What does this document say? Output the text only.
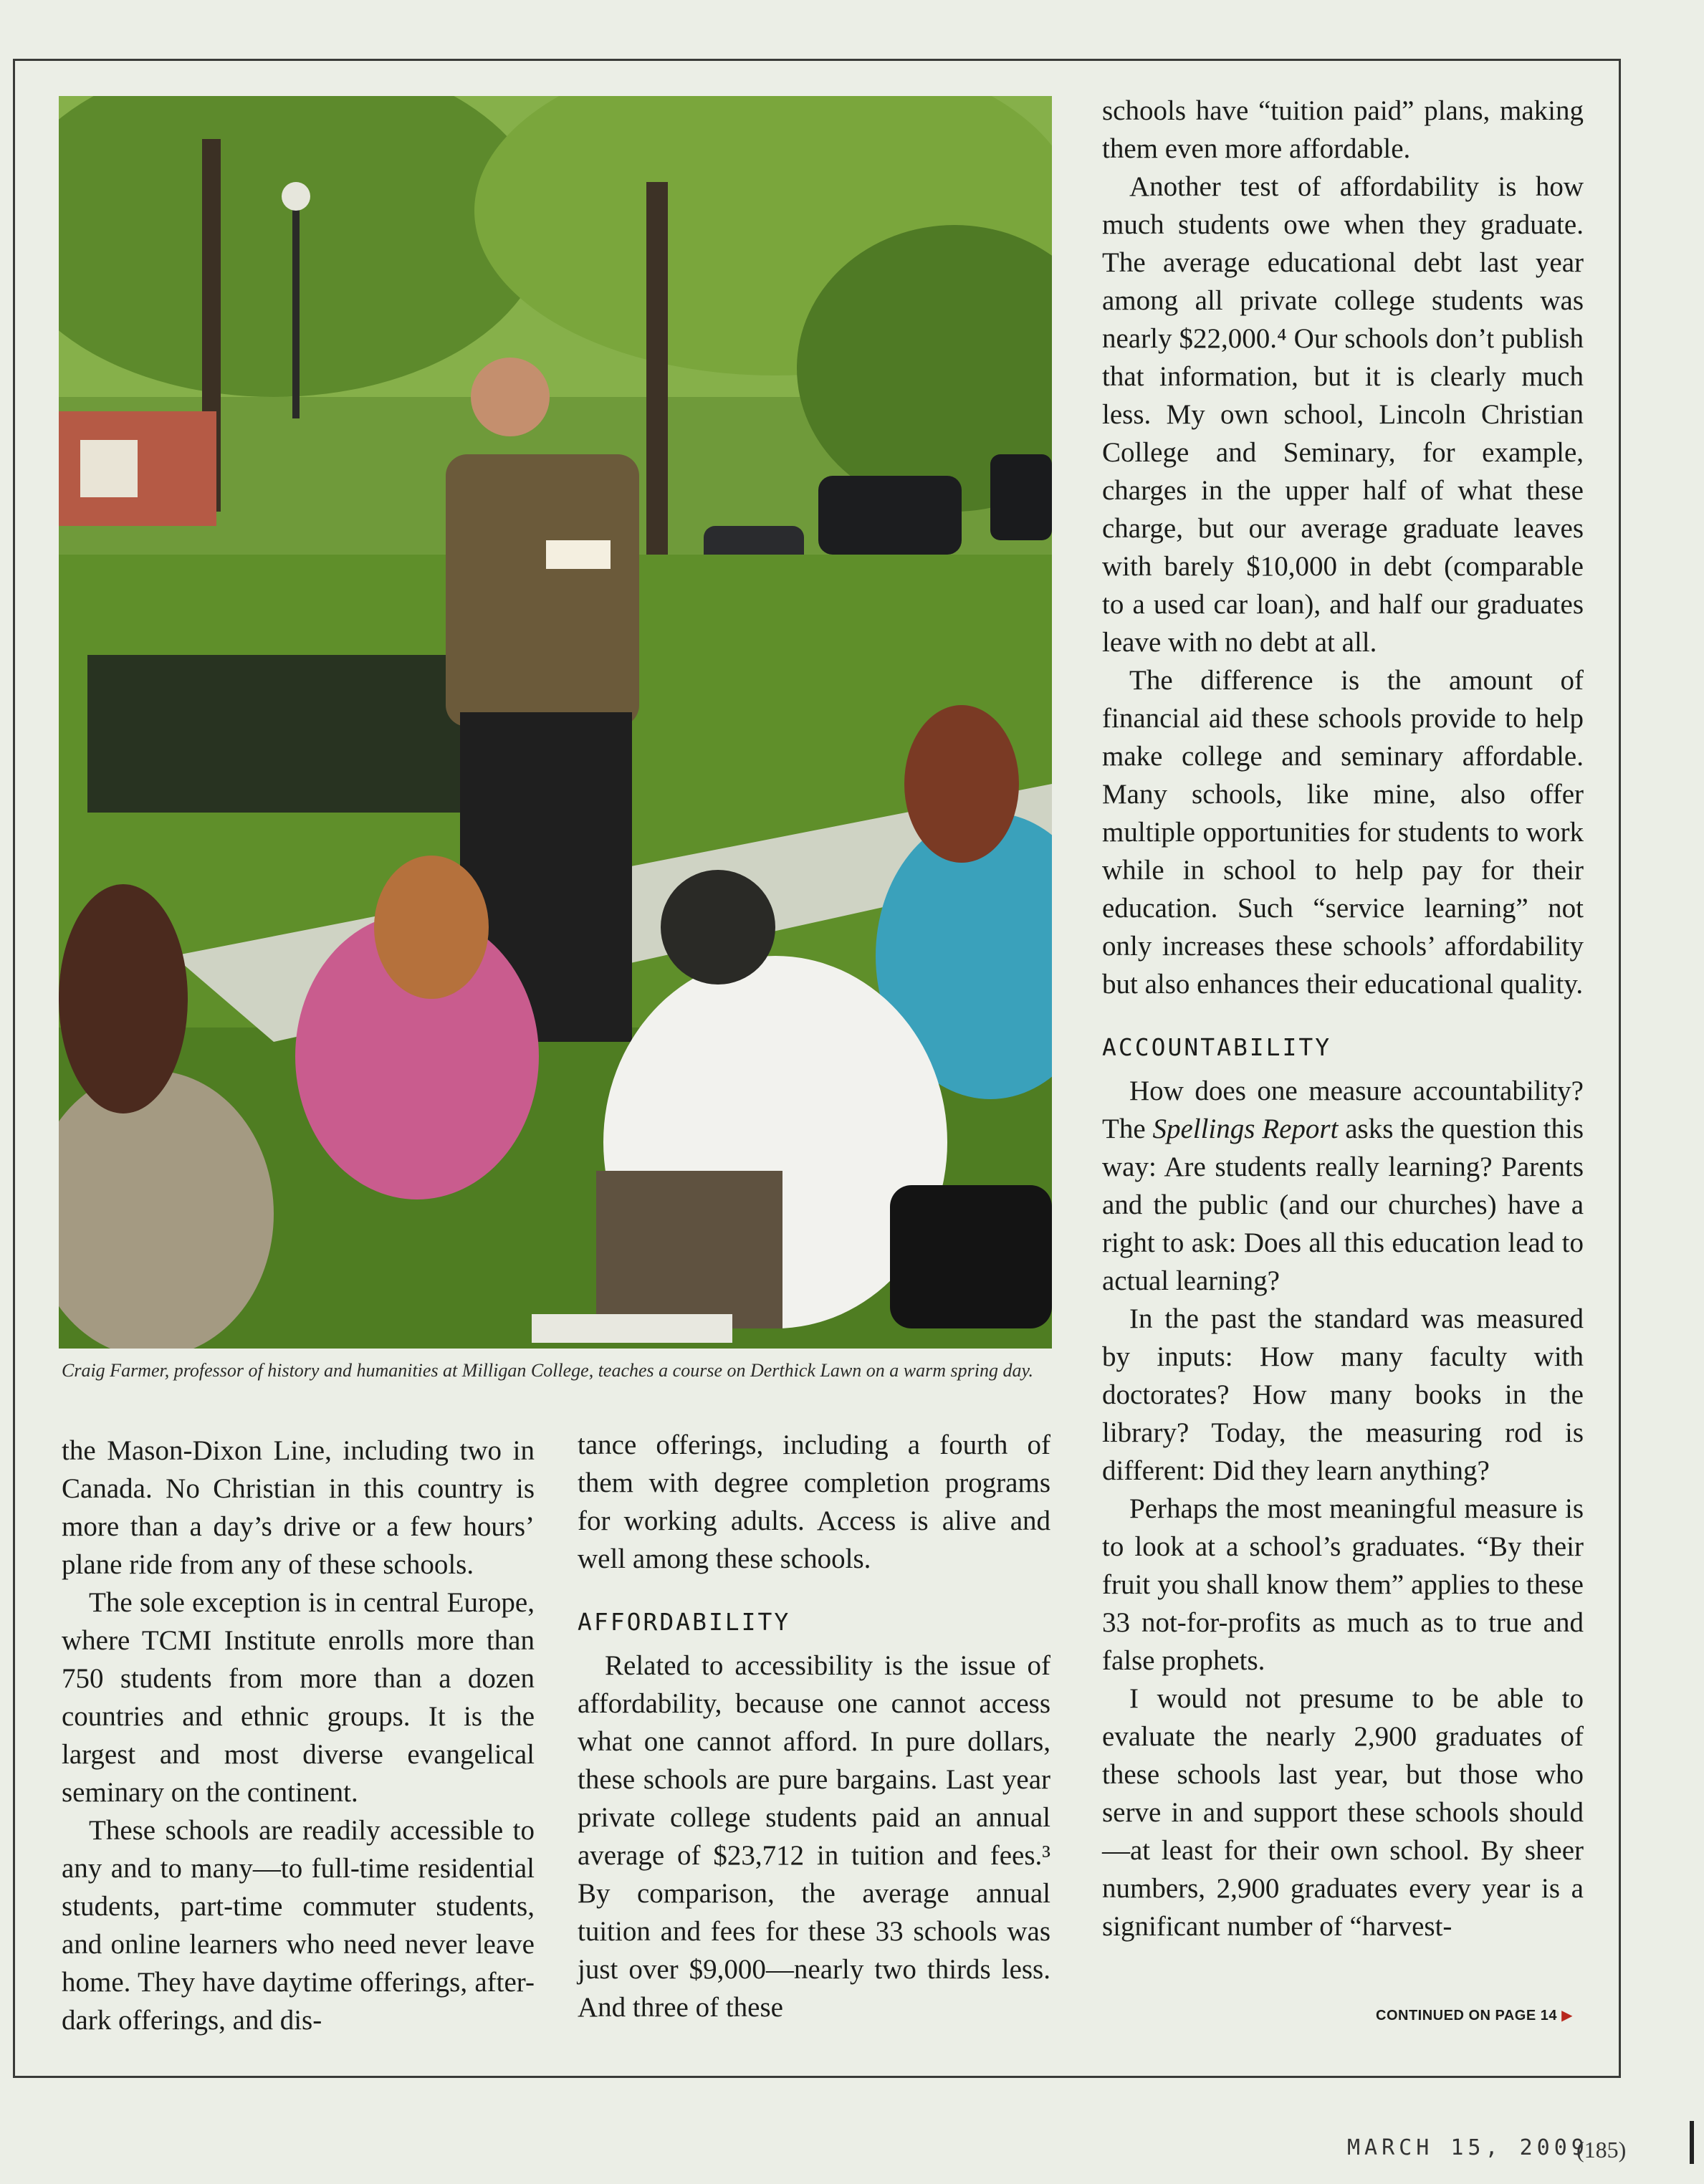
Craig Farmer, professor of history and humanities at Milligan College, teaches a course on Derthick Lawn on a warm spring day.

the Mason-Dixon Line, including two in Canada. No Christian in this country is more than a day’s drive or a few hours’ plane ride from any of these schools.

The sole exception is in central Europe, where TCMI Institute enrolls more than 750 students from more than a dozen countries and ethnic groups. It is the largest and most diverse evangelical seminary on the continent.

These schools are readily accessible to any and to many—to full-time residential students, part-time commuter students, and online learners who need never leave home. They have daytime offerings, after-dark offerings, and dis-

tance offerings, including a fourth of them with degree completion programs for working adults. Access is alive and well among these schools.

AFFORDABILITY

Related to accessibility is the issue of affordability, because one cannot access what one cannot afford. In pure dollars, these schools are pure bargains. Last year private college students paid an annual average of $23,712 in tuition and fees.³ By comparison, the average annual tuition and fees for these 33 schools was just over $9,000—nearly two thirds less. And three of these

schools have “tuition paid” plans, making them even more affordable.

Another test of affordability is how much students owe when they graduate. The average educational debt last year among all private college students was nearly $22,000.⁴ Our schools don’t publish that information, but it is clearly much less. My own school, Lincoln Christian College and Seminary, for example, charges in the upper half of what these charge, but our average graduate leaves with barely $10,000 in debt (comparable to a used car loan), and half our graduates leave with no debt at all.

The difference is the amount of financial aid these schools provide to help make college and seminary affordable. Many schools, like mine, also offer multiple opportunities for students to work while in school to help pay for their education. Such “service learning” not only increases these schools’ affordability but also enhances their educational quality.

ACCOUNTABILITY

How does one measure accountability? The Spellings Report asks the question this way: Are students really learning? Parents and the public (and our churches) have a right to ask: Does all this education lead to actual learning?

In the past the standard was measured by inputs: How many faculty with doctorates? How many books in the library? Today, the measuring rod is different: Did they learn anything?

Perhaps the most meaningful measure is to look at a school’s graduates. “By their fruit you shall know them” applies to these 33 not-for-profits as much as to true and false prophets.

I would not presume to be able to evaluate the nearly 2,900 graduates of these schools last year, but those who serve in and support these schools should—at least for their own school. By sheer numbers, 2,900 graduates every year is a significant number of “harvest-

CONTINUED ON PAGE 14 ▶
MARCH 15, 2009
(185)
